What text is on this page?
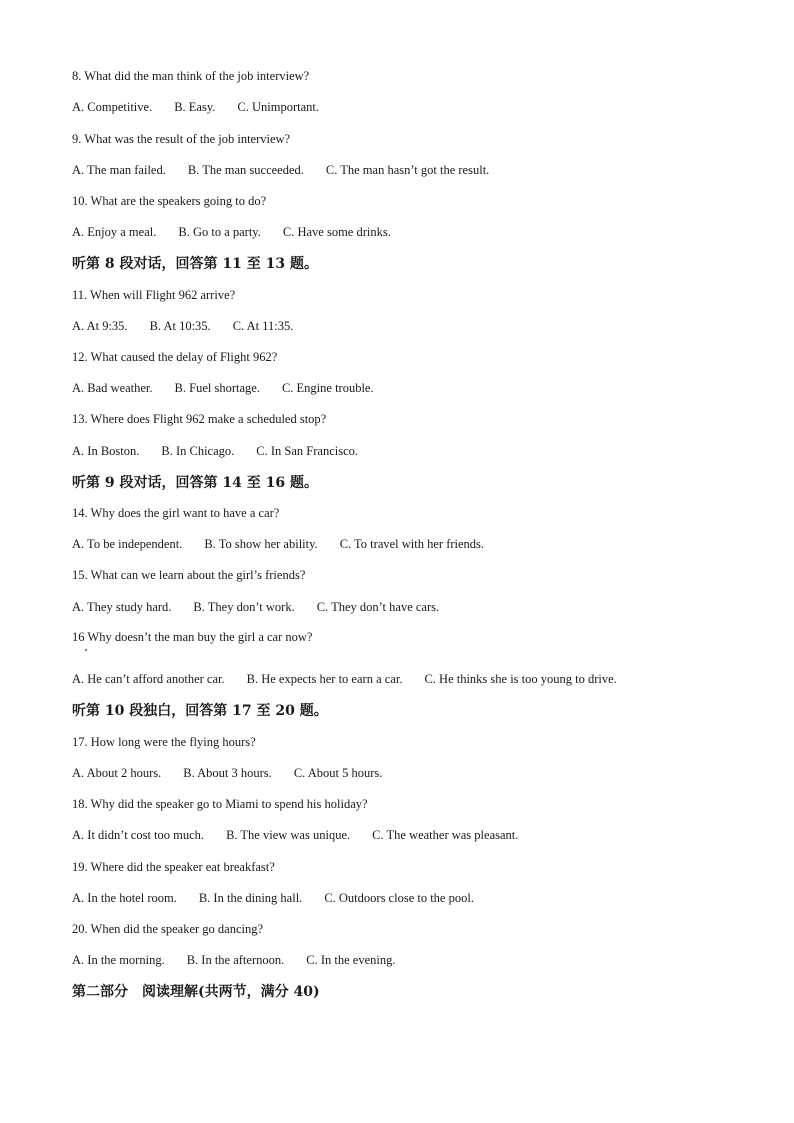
8. What did the man think of the job interview?
A. Competitive. B. Easy. C. Unimportant.
9. What was the result of the job interview?
A. The man failed. B. The man succeeded. C. The man hasn’t got the result.
10. What are the speakers going to do?
A. Enjoy a meal. B. Go to a party. C. Have some drinks.
听第 8 段对话，回答第 11 至 13 题。
11. When will Flight 962 arrive?
A. At 9:35. B. At 10:35. C. At 11:35.
12. What caused the delay of Flight 962?
A. Bad weather. B. Fuel shortage. C. Engine trouble.
13. Where does Flight 962 make a scheduled stop?
A. In Boston. B. In Chicago. C. In San Francisco.
听第 9 段对话，回答第 14 至 16 题。
14. Why does the girl want to have a car?
A. To be independent. B. To show her ability. C. To travel with her friends.
15. What can we learn about the girl’s friends?
A. They study hard. B. They don’t work. C. They don’t have cars.
16 Why doesn’t the man buy the girl a car now?
A. He can’t afford another car. B. He expects her to earn a car. C. He thinks she is too young to drive.
听第 10 段独白，回答第 17 至 20 题。
17. How long were the flying hours?
A. About 2 hours. B. About 3 hours. C. About 5 hours.
18. Why did the speaker go to Miami to spend his holiday?
A. It didn’t cost too much. B. The view was unique. C. The weather was pleasant.
19. Where did the speaker eat breakfast?
A. In the hotel room. B. In the dining hall. C. Outdoors close to the pool.
20. When did the speaker go dancing?
A. In the morning. B. In the afternoon. C. In the evening.
第二部分　阅读理解(共两节，满分 40)
